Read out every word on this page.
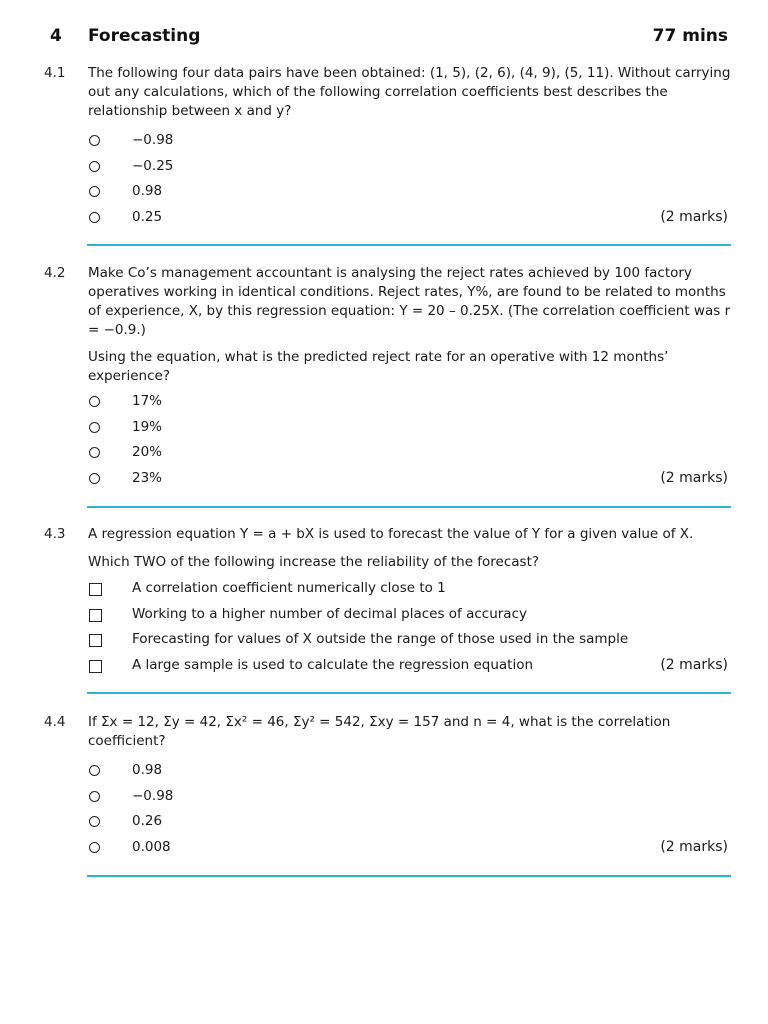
4 Forecasting	77 mins
4.1 The following four data pairs have been obtained: (1, 5), (2, 6), (4, 9), (5, 11). Without carrying out any calculations, which of the following correlation coefficients best describes the relationship between x and y?
−0.98
−0.25
0.98
0.25	(2 marks)
4.2 Make Co’s management accountant is analysing the reject rates achieved by 100 factory operatives working in identical conditions. Reject rates, Y%, are found to be related to months of experience, X, by this regression equation: Y = 20 – 0.25X. (The correlation coefficient was r = −0.9.)
Using the equation, what is the predicted reject rate for an operative with 12 months’ experience?
17%
19%
20%
23%	(2 marks)
4.3 A regression equation Y = a + bX is used to forecast the value of Y for a given value of X.
Which TWO of the following increase the reliability of the forecast?
A correlation coefficient numerically close to 1
Working to a higher number of decimal places of accuracy
Forecasting for values of X outside the range of those used in the sample
A large sample is used to calculate the regression equation	(2 marks)
4.4 If Σx = 12, Σy = 42, Σx² = 46, Σy² = 542, Σxy = 157 and n = 4, what is the correlation coefficient?
0.98
−0.98
0.26
0.008	(2 marks)
